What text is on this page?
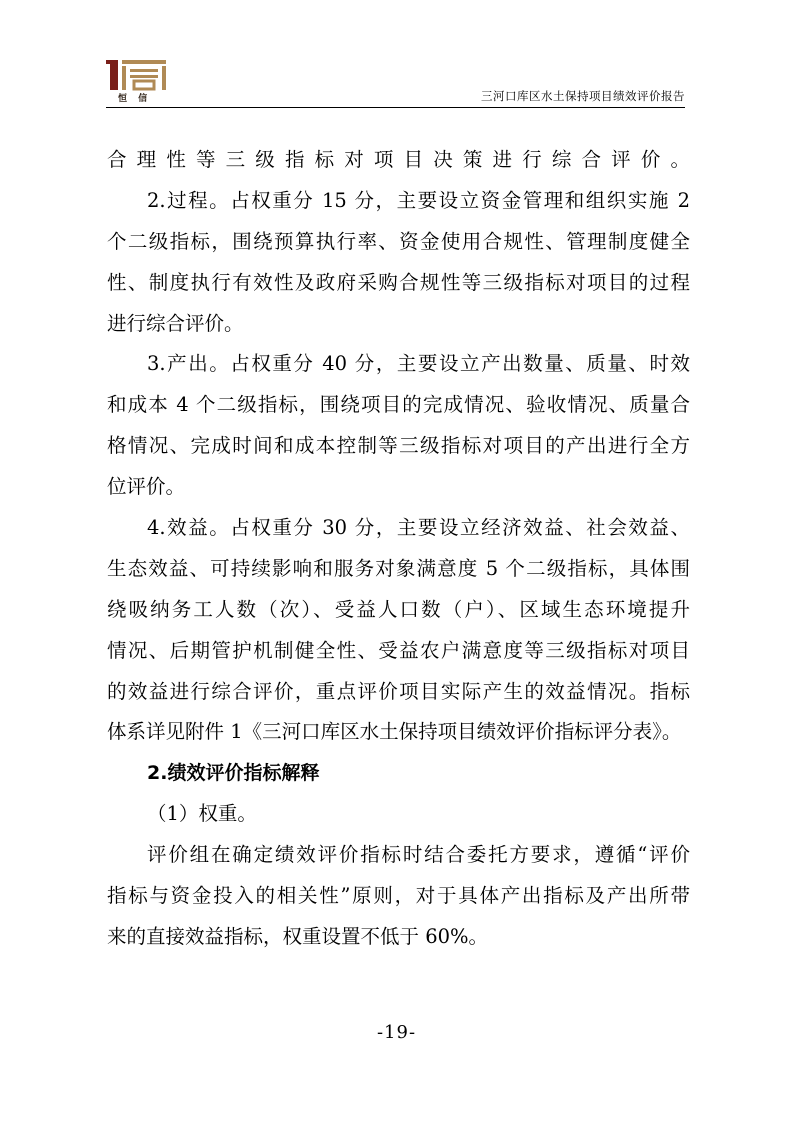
恒 信	三河口库区水土保持项目绩效评价报告
合理性等三级指标对项目决策进行综合评价。
2.过程。占权重分 15 分，主要设立资金管理和组织实施 2
个二级指标，围绕预算执行率、资金使用合规性、管理制度健全
性、制度执行有效性及政府采购合规性等三级指标对项目的过程
进行综合评价。
3.产出。占权重分 40 分，主要设立产出数量、质量、时效
和成本 4 个二级指标，围绕项目的完成情况、验收情况、质量合
格情况、完成时间和成本控制等三级指标对项目的产出进行全方
位评价。
4.效益。占权重分 30 分，主要设立经济效益、社会效益、
生态效益、可持续影响和服务对象满意度 5 个二级指标，具体围
绕吸纳务工人数（次）、受益人口数（户）、区域生态环境提升
情况、后期管护机制健全性、受益农户满意度等三级指标对项目
的效益进行综合评价，重点评价项目实际产生的效益情况。指标
体系详见附件 1《三河口库区水土保持项目绩效评价指标评分表》。
2.绩效评价指标解释
（1）权重。
评价组在确定绩效评价指标时结合委托方要求，遵循“评价
指标与资金投入的相关性”原则，对于具体产出指标及产出所带
来的直接效益指标，权重设置不低于 60%。
-19-
